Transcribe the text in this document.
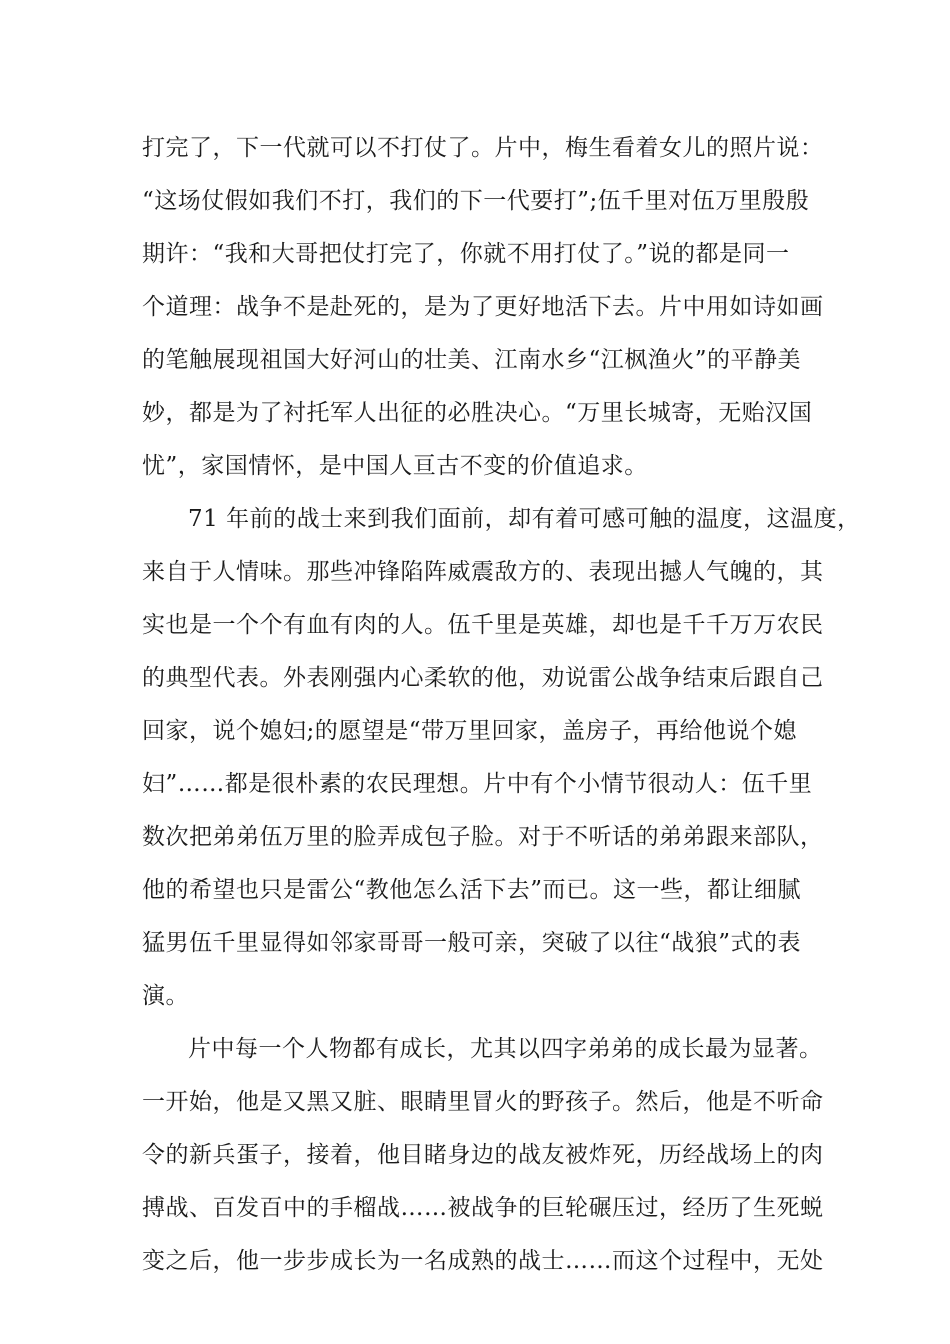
打完了，下一代就可以不打仗了。片中，梅生看着女儿的照片说：
“这场仗假如我们不打，我们的下一代要打”;伍千里对伍万里殷殷
期许：“我和大哥把仗打完了，你就不用打仗了。”说的都是同一
个道理：战争不是赴死的，是为了更好地活下去。片中用如诗如画
的笔触展现祖国大好河山的壮美、江南水乡“江枫渔火”的平静美
妙，都是为了衬托军人出征的必胜决心。“万里长城寄，无贻汉国
忧”，家国情怀，是中国人亘古不变的价值追求。
71 年前的战士来到我们面前，却有着可感可触的温度，这温度，
来自于人情味。那些冲锋陷阵威震敌方的、表现出撼人气魄的，其
实也是一个个有血有肉的人。伍千里是英雄，却也是千千万万农民
的典型代表。外表刚强内心柔软的他，劝说雷公战争结束后跟自己
回家，说个媳妇;的愿望是“带万里回家，盖房子，再给他说个媳
妇”……都是很朴素的农民理想。片中有个小情节很动人：伍千里
数次把弟弟伍万里的脸弄成包子脸。对于不听话的弟弟跟来部队，
他的希望也只是雷公“教他怎么活下去”而已。这一些，都让细腻
猛男伍千里显得如邻家哥哥一般可亲，突破了以往“战狼”式的表
演。
片中每一个人物都有成长，尤其以四字弟弟的成长最为显著。
一开始，他是又黑又脏、眼睛里冒火的野孩子。然后，他是不听命
令的新兵蛋子，接着，他目睹身边的战友被炸死，历经战场上的肉
搏战、百发百中的手榴战……被战争的巨轮碾压过，经历了生死蜕
变之后，他一步步成长为一名成熟的战士……而这个过程中，无处
